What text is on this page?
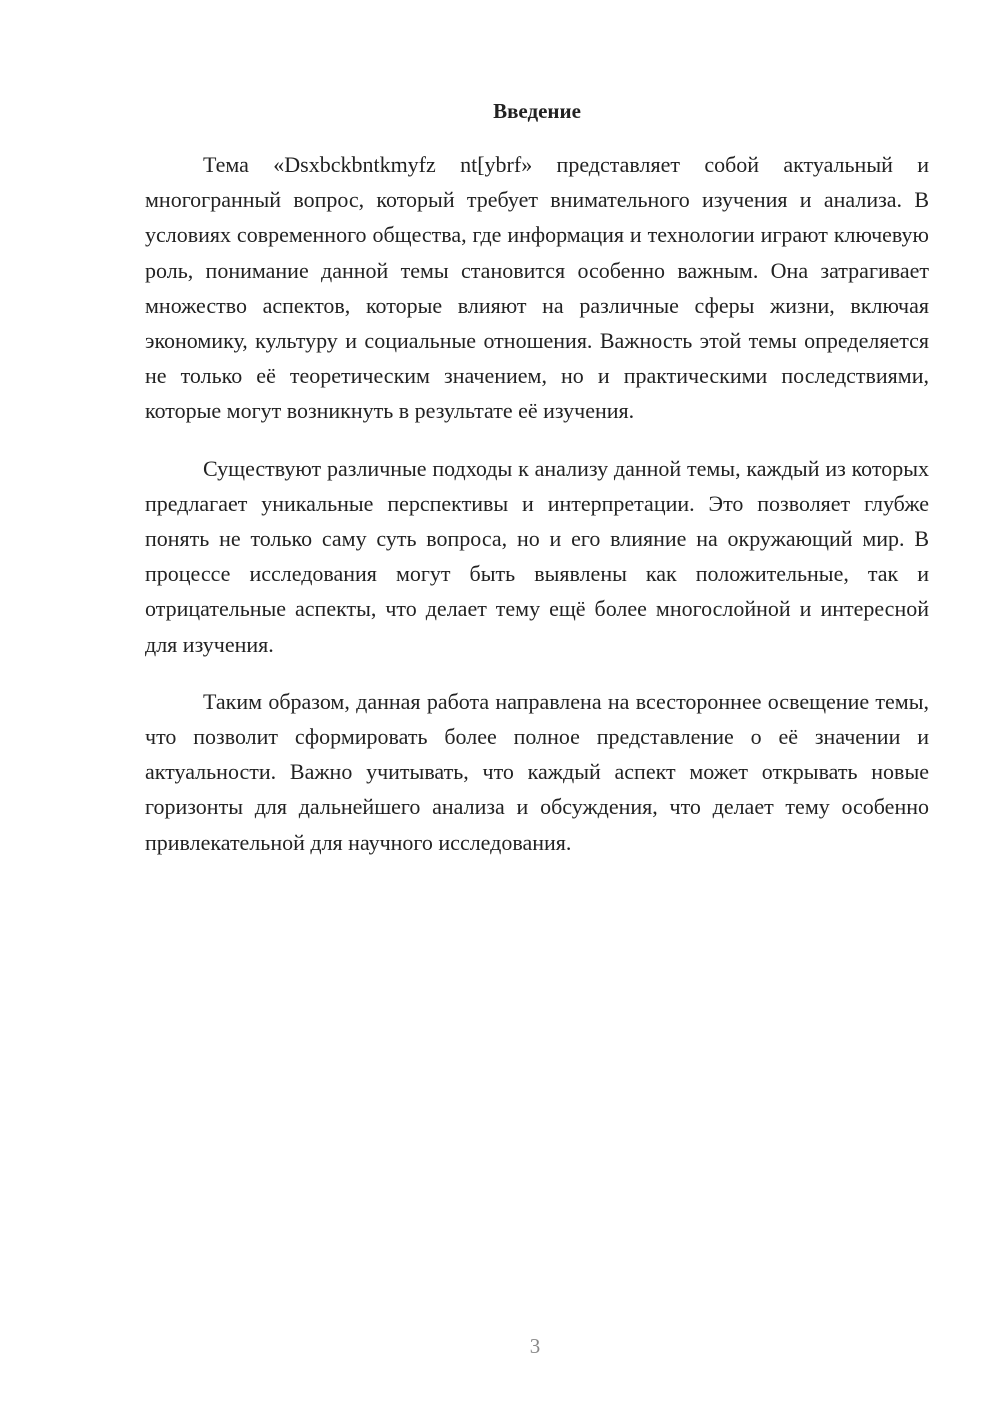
Введение

Тема «Dsxbckbntkmyfz nt[ybrf» представляет собой актуальный и многогранный вопрос, который требует внимательного изучения и анализа. В условиях современного общества, где информация и технологии играют ключевую роль, понимание данной темы становится особенно важным. Она затрагивает множество аспектов, которые влияют на различные сферы жизни, включая экономику, культуру и социальные отношения. Важность этой темы определяется не только её теоретическим значением, но и практическими последствиями, которые могут возникнуть в результате её изучения.

Существуют различные подходы к анализу данной темы, каждый из которых предлагает уникальные перспективы и интерпретации. Это позволяет глубже понять не только саму суть вопроса, но и его влияние на окружающий мир. В процессе исследования могут быть выявлены как положительные, так и отрицательные аспекты, что делает тему ещё более многослойной и интересной для изучения.

Таким образом, данная работа направлена на всестороннее освещение темы, что позволит сформировать более полное представление о её значении и актуальности. Важно учитывать, что каждый аспект может открывать новые горизонты для дальнейшего анализа и обсуждения, что делает тему особенно привлекательной для научного исследования.

3
